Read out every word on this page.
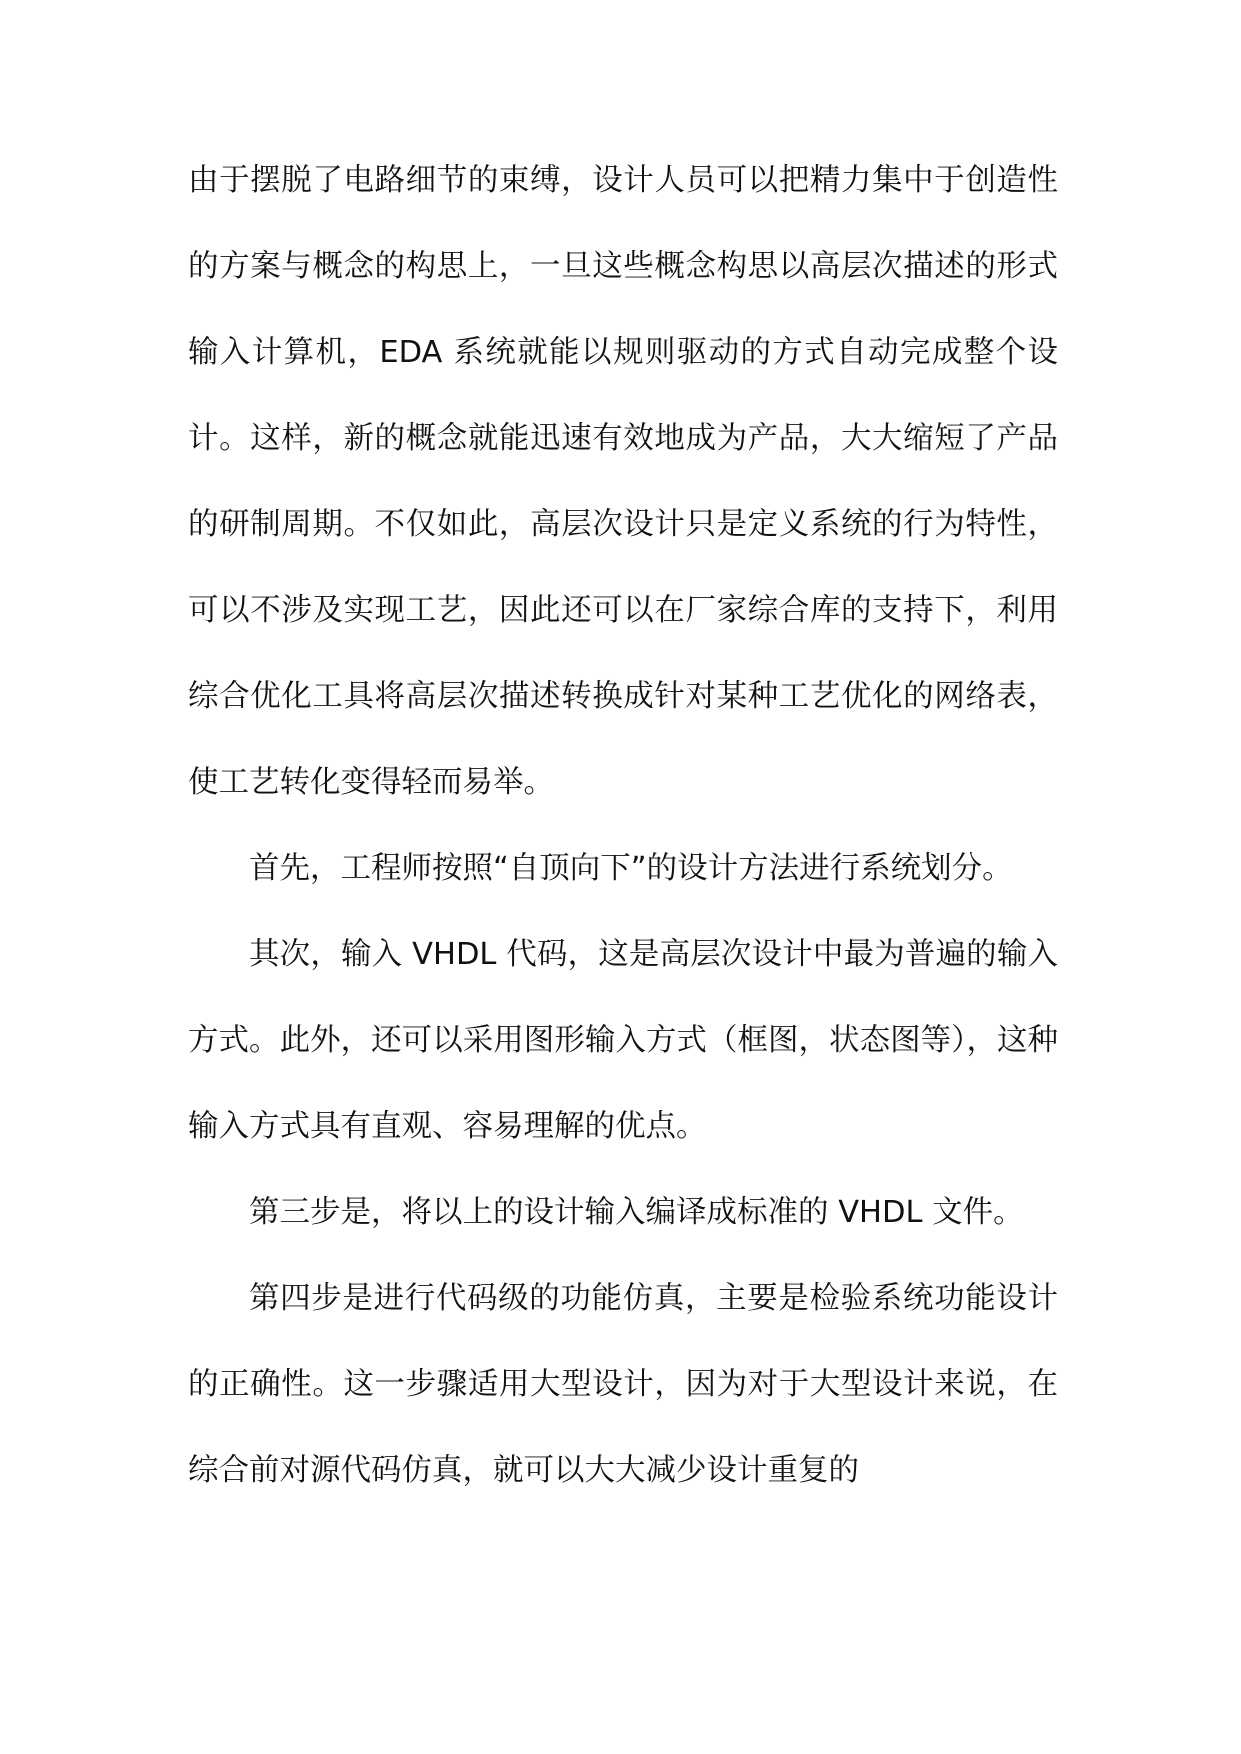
由于摆脱了电路细节的束缚，设计人员可以把精力集中于创造性的方案与概念的构思上，一旦这些概念构思以高层次描述的形式输入计算机，EDA 系统就能以规则驱动的方式自动完成整个设计。这样，新的概念就能迅速有效地成为产品，大大缩短了产品的研制周期。不仅如此，高层次设计只是定义系统的行为特性，可以不涉及实现工艺，因此还可以在厂家综合库的支持下，利用综合优化工具将高层次描述转换成针对某种工艺优化的网络表，使工艺转化变得轻而易举。

首先，工程师按照“自顶向下”的设计方法进行系统划分。

其次，输入 VHDL 代码，这是高层次设计中最为普遍的输入方式。此外，还可以采用图形输入方式（框图，状态图等），这种输入方式具有直观、容易理解的优点。

第三步是，将以上的设计输入编译成标准的 VHDL 文件。

第四步是进行代码级的功能仿真，主要是检验系统功能设计的正确性。这一步骤适用大型设计，因为对于大型设计来说，在综合前对源代码仿真，就可以大大减少设计重复的
